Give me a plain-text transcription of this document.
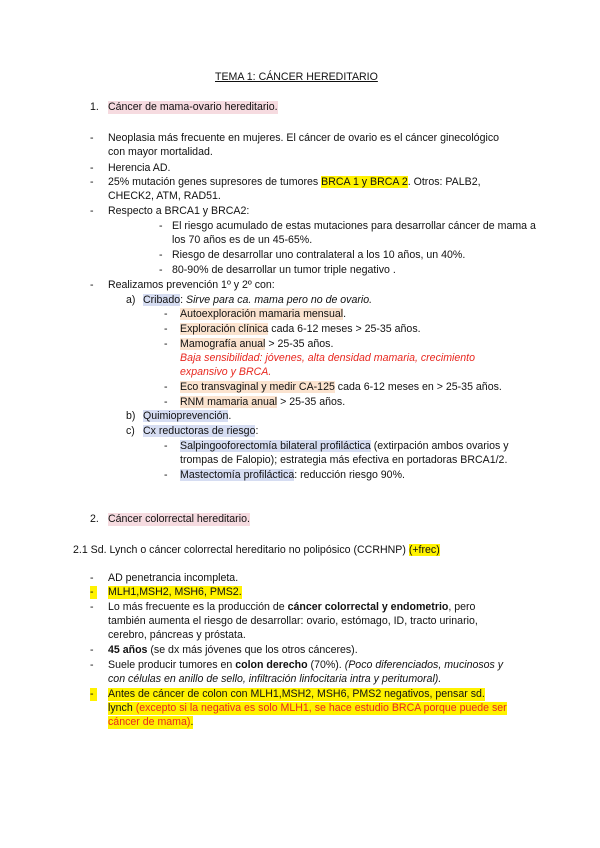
TEMA 1: CÁNCER HEREDITARIO
1. Cáncer de mama-ovario hereditario.
- Neoplasia más frecuente en mujeres. El cáncer de ovario es el cáncer ginecológico
con mayor mortalidad.
- Herencia AD.
- 25% mutación genes supresores de tumores BRCA 1 y BRCA 2. Otros: PALB2,
CHECK2, ATM, RAD51.
- Respecto a BRCA1 y BRCA2:
- El riesgo acumulado de estas mutaciones para desarrollar cáncer de mama a
los 70 años es de un 45-65%.
- Riesgo de desarrollar uno contralateral a los 10 años, un 40%.
- 80-90% de desarrollar un tumor triple negativo .
- Realizamos prevención 1º y 2º con:
a) Cribado: Sirve para ca. mama pero no de ovario.
- Autoexploración mamaria mensual.
- Exploración clínica cada 6-12 meses > 25-35 años.
- Mamografía anual > 25-35 años.
Baja sensibilidad: jóvenes, alta densidad mamaria, crecimiento
expansivo y BRCA.
- Eco transvaginal y medir CA-125 cada 6-12 meses en > 25-35 años.
- RNM mamaria anual > 25-35 años.
b) Quimioprevención.
c) Cx reductoras de riesgo:
- Salpingooforectomía bilateral profiláctica (extirpación ambos ovarios y
trompas de Falopio); estrategia más efectiva en portadoras BRCA1/2.
- Mastectomía profiláctica: reducción riesgo 90%.
2. Cáncer colorrectal hereditario.
2.1 Sd. Lynch o cáncer colorrectal hereditario no polipósico (CCRHNP) (+frec)
- AD penetrancia incompleta.
-	MLH1,MSH2, MSH6, PMS2.
- Lo más frecuente es la producción de cáncer colorrectal y endometrio, pero
también aumenta el riesgo de desarrollar: ovario, estómago, ID, tracto urinario,
cerebro, páncreas y próstata.
- 45 años (se dx más jóvenes que los otros cánceres).
- Suele producir tumores en colon derecho (70%). (Poco diferenciados, mucinosos y
con células en anillo de sello, infiltración linfocitaria intra y peritumoral).
-	Antes de cáncer de colon con MLH1,MSH2, MSH6, PMS2 negativos, pensar sd.
lynch (excepto si la negativa es solo MLH1, se hace estudio BRCA porque puede ser
cáncer de mama).
